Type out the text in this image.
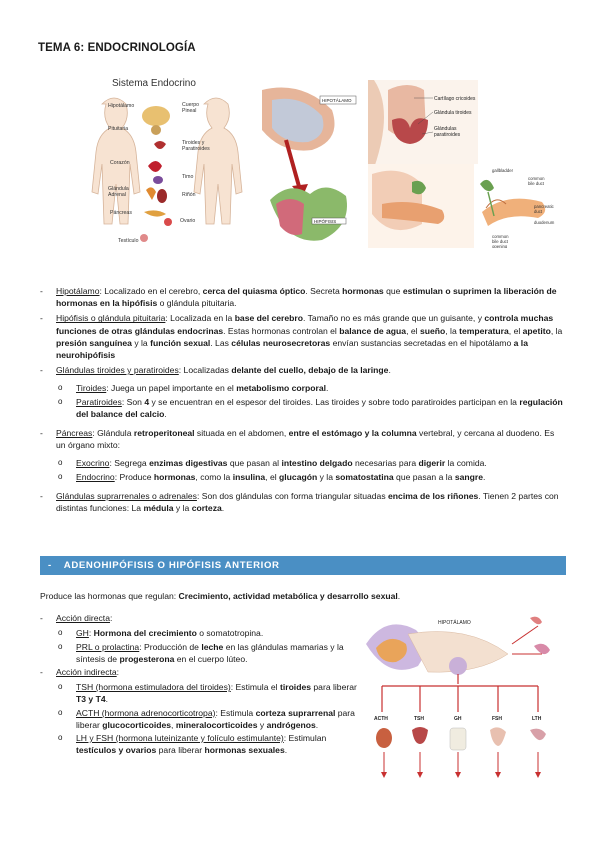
TEMA 6: ENDOCRINOLOGÍA
Sistema Endocrino
Hipotálamo	Cuerpo
Pineal
Pituitaria
Tiroides y
Paratiroides
Corazón
Timo
Glándula
Adrenal	Riñón
Páncreas
Ovario
Testículo
HIPOTÁLAMO
HIPÓFISIS
Cartílago cricoides
Glándula tiroides
Glándulas
paratiroides
gallbladder
common
bile duct
pancreatic
duct
duodenum
common
bile duct
opening
- Hipotálamo: Localizado en el cerebro, cerca del quiasma óptico. Secreta hormonas que estimulan o suprimen la liberación de hormonas en la hipófisis o glándula pituitaria.
- Hipófisis o glándula pituitaria: Localizada en la base del cerebro. Tamaño no es más grande que un guisante, y controla muchas funciones de otras glándulas endocrinas. Estas hormonas controlan el balance de agua, el sueño, la temperatura, el apetito, la presión sanguínea y la función sexual. Las células neurosecretoras envían sustancias secretadas en el hipotálamo a la neurohipófisis
- Glándulas tiroides y paratiroides: Localizadas delante del cuello, debajo de la laringe.
o Tiroides: Juega un papel importante en el metabolismo corporal.
o Paratiroides: Son 4 y se encuentran en el espesor del tiroides. Las tiroides y sobre todo paratiroides participan en la regulación del balance del calcio.
- Páncreas: Glándula retroperitoneal situada en el abdomen, entre el estómago y la columna vertebral, y cercana al duodeno. Es un órgano mixto:
o Exocrino: Segrega enzimas digestivas que pasan al intestino delgado necesarias para digerir la comida.
o Endocrino: Produce hormonas, como la insulina, el glucagón y la somatostatina que pasan a la sangre.
- Glándulas suprarrenales o adrenales: Son dos glándulas con forma triangular situadas encima de los riñones. Tienen 2 partes con distintas funciones: La médula y la corteza.
- ADENOHIPÓFISIS O HIPÓFISIS ANTERIOR
Produce las hormonas que regulan: Crecimiento, actividad metabólica y desarrollo sexual.
- Acción directa:
o GH: Hormona del crecimiento o somatotropina.
o PRL o prolactina: Producción de leche en las glándulas mamarias y la síntesis de progesterona en el cuerpo lúteo.
- Acción indirecta:
o TSH (hormona estimuladora del tiroides): Estimula el tiroides para liberar T3 y T4.
o ACTH (hormona adrenocorticotropa): Estimula corteza suprarrenal para liberar glucocorticoides, mineralocorticoides y andrógenos.
o LH y FSH (hormona luteinizante y folículo estimulante): Estimulan testículos y ovarios para liberar hormonas sexuales.
HIPOTÁLAMO
ACTH	TSH	GH	FSH	LTH
